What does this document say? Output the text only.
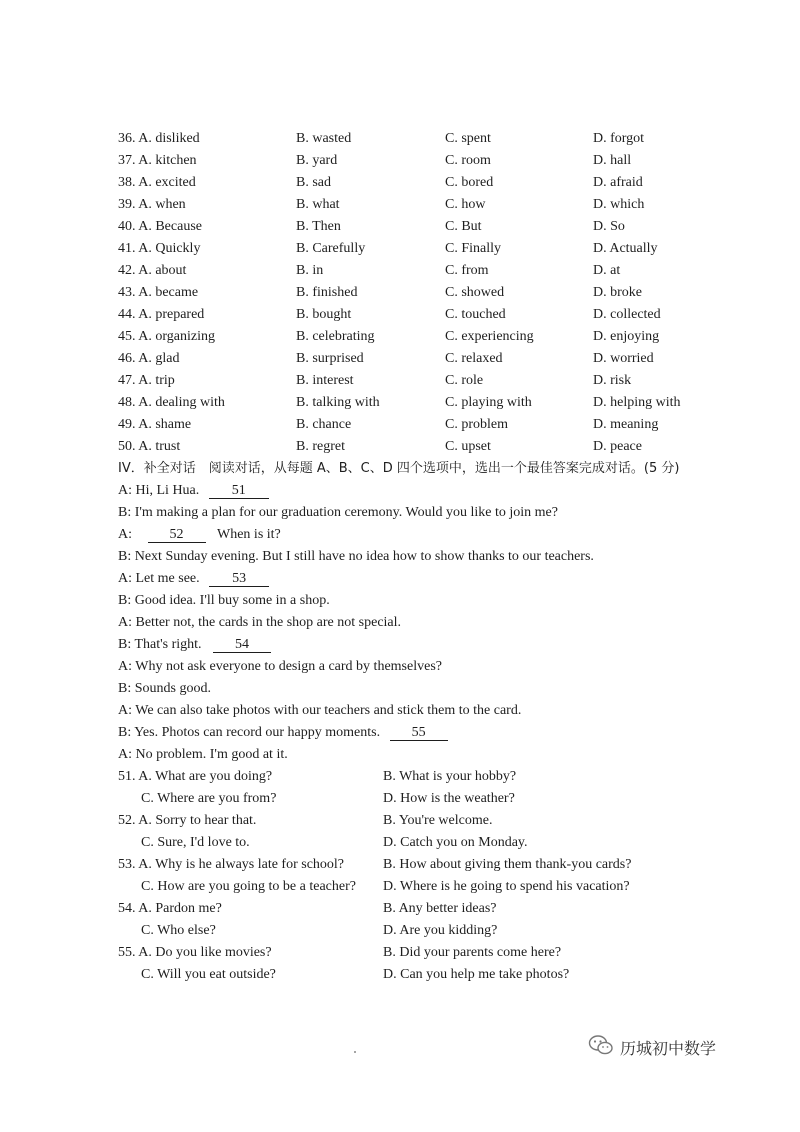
36. A. disliked	B. wasted	C. spent	D. forgot
37. A. kitchen	B. yard	C. room	D. hall
38. A. excited	B. sad	C. bored	D. afraid
39. A. when	B. what	C. how	D. which
40. A. Because	B. Then	C. But	D. So
41. A. Quickly	B. Carefully	C. Finally	D. Actually
42. A. about	B. in	C. from	D. at
43. A. became	B. finished	C. showed	D. broke
44. A. prepared	B. bought	C. touched	D. collected
45. A. organizing	B. celebrating	C. experiencing	D. enjoying
46. A. glad	B. surprised	C. relaxed	D. worried
47. A. trip	B. interest	C. role	D. risk
48. A. dealing with	B. talking with	C. playing with	D. helping with
49. A. shame	B. chance	C. problem	D. meaning
50. A. trust	B. regret	C. upset	D. peace
IV．补全对话　阅读对话，从每题 A、B、C、D 四个选项中，选出一个最佳答案完成对话。(5 分)
A: Hi, Li Hua. 51
B: I'm making a plan for our graduation ceremony. Would you like to join me?
A:	52 When is it?
B: Next Sunday evening. But I still have no idea how to show thanks to our teachers.
A: Let me see. 53
B: Good idea. I'll buy some in a shop.
A: Better not, the cards in the shop are not special.
B: That's right. 54
A: Why not ask everyone to design a card by themselves?
B: Sounds good.
A: We can also take photos with our teachers and stick them to the card.
B: Yes. Photos can record our happy moments. 55
A: No problem. I'm good at it.
51. A. What are you doing?	B. What is your hobby?
C. Where are you from?	D. How is the weather?
52. A. Sorry to hear that.	B. You're welcome.
C. Sure, I'd love to.	D. Catch you on Monday.
53. A. Why is he always late for school?	B. How about giving them thank-you cards?
C. How are you going to be a teacher? D. Where is he going to spend his vacation?
54. A. Pardon me?	B. Any better ideas?
C. Who else?	D. Are you kidding?
55. A. Do you like movies?	B. Did your parents come here?
C. Will you eat outside?	D. Can you help me take photos?
历城初中数学
